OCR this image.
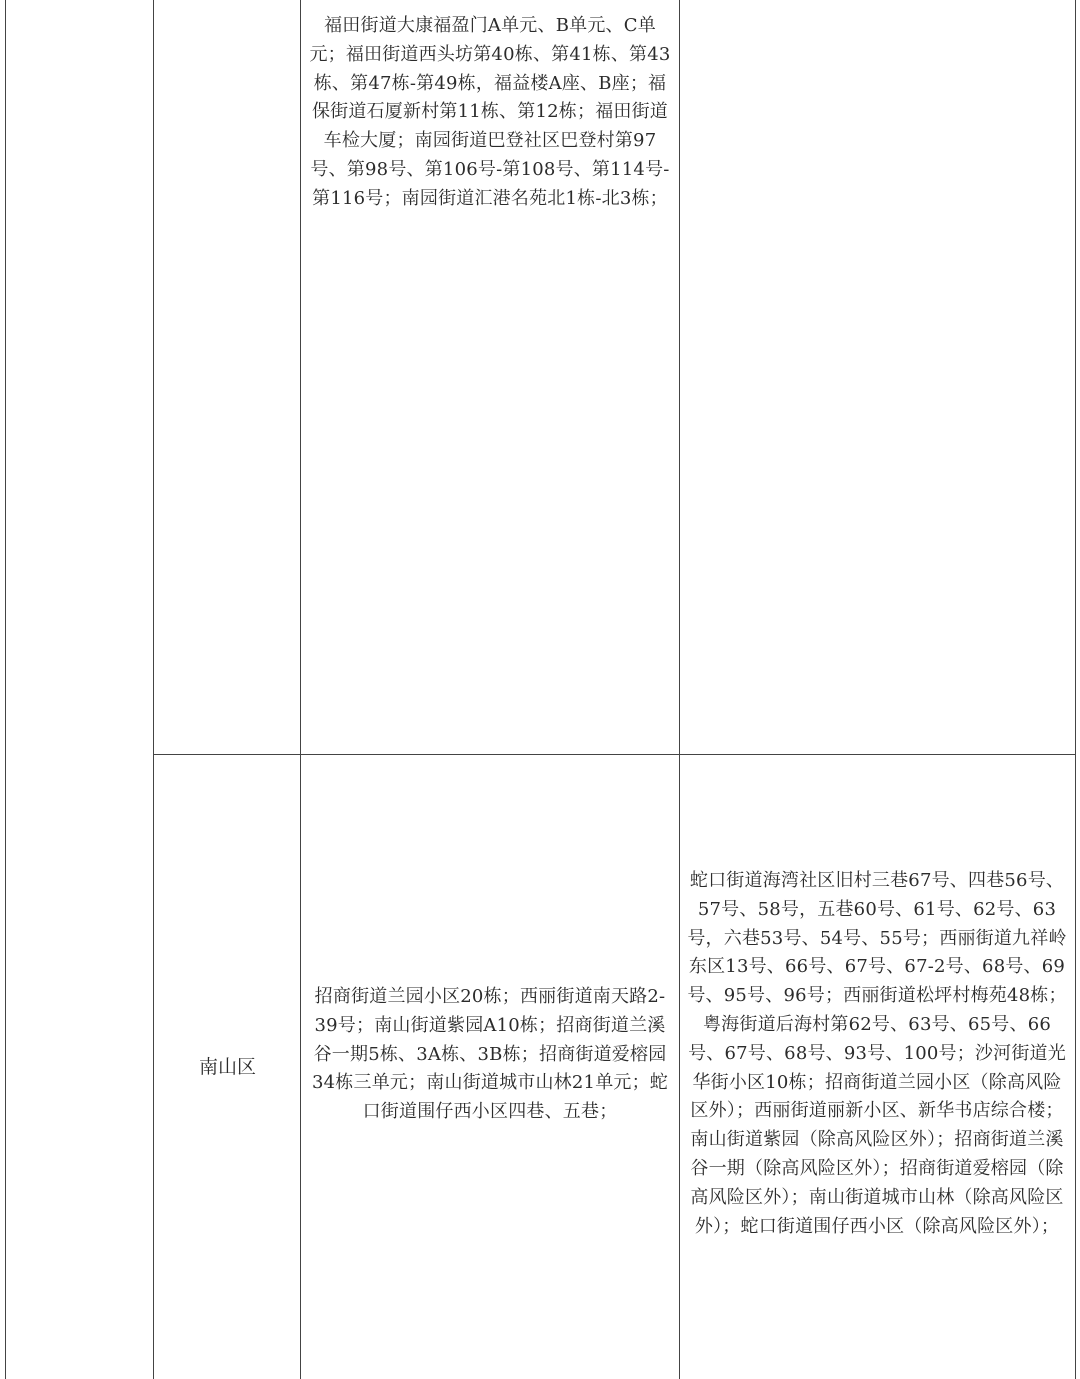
福田街道大康福盈门A单元、B单元、C单元；福田街道西头坊第40栋、第41栋、第43栋、第47栋-第49栋，福益楼A座、B座；福保街道石厦新村第11栋、第12栋；福田街道车检大厦；南园街道巴登社区巴登村第97号、第98号、第106号-第108号、第114号-第116号；南园街道汇港名苑北1栋-北3栋；
南山区
招商街道兰园小区20栋；西丽街道南天路2-39号；南山街道紫园A10栋；招商街道兰溪谷一期5栋、3A栋、3B栋；招商街道爱榕园34栋三单元；南山街道城市山林21单元；蛇口街道围仔西小区四巷、五巷；
蛇口街道海湾社区旧村三巷67号、四巷56号、57号、58号，五巷60号、61号、62号、63号，六巷53号、54号、55号；西丽街道九祥岭东区13号、66号、67号、67-2号、68号、69号、95号、96号；西丽街道松坪村梅苑48栋；粤海街道后海村第62号、63号、65号、66号、67号、68号、93号、100号；沙河街道光华街小区10栋；招商街道兰园小区（除高风险区外）；西丽街道丽新小区、新华书店综合楼；南山街道紫园（除高风险区外）；招商街道兰溪谷一期（除高风险区外）；招商街道爱榕园（除高风险区外）；南山街道城市山林（除高风险区外）；蛇口街道围仔西小区（除高风险区外）；
